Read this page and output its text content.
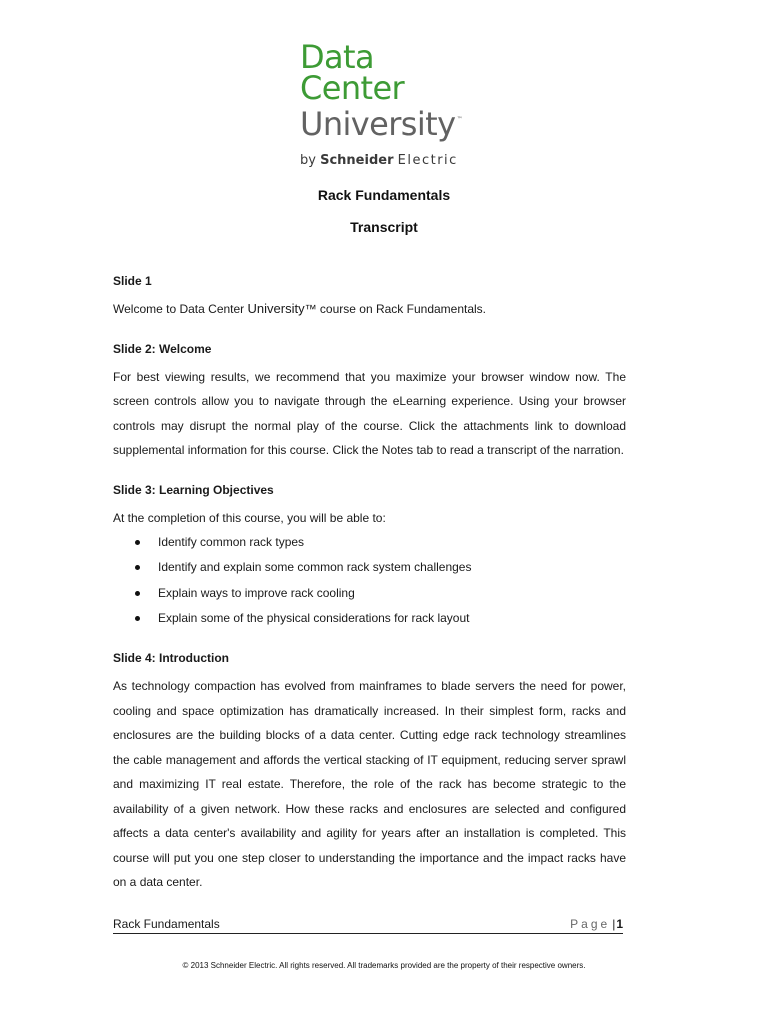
Data
Center
University™
by Schneider Electric
Rack Fundamentals
Transcript

Slide 1

Welcome to Data Center University™ course on Rack Fundamentals.

Slide 2: Welcome

For best viewing results, we recommend that you maximize your browser window now. The screen controls allow you to navigate through the eLearning experience. Using your browser controls may disrupt the normal play of the course. Click the attachments link to download supplemental information for this course. Click the Notes tab to read a transcript of the narration.

Slide 3: Learning Objectives

At the completion of this course, you will be able to:

Identify common rack types
Identify and explain some common rack system challenges
Explain ways to improve rack cooling
Explain some of the physical considerations for rack layout

Slide 4: Introduction

As technology compaction has evolved from mainframes to blade servers the need for power, cooling and space optimization has dramatically increased. In their simplest form, racks and enclosures are the building blocks of a data center. Cutting edge rack technology streamlines the cable management and affords the vertical stacking of IT equipment, reducing server sprawl and maximizing IT real estate. Therefore, the role of the rack has become strategic to the availability of a given network. How these racks and enclosures are selected and configured affects a data center's availability and agility for years after an installation is completed. This course will put you one step closer to understanding the importance and the impact racks have on a data center.

Rack Fundamentals	Page |1
© 2013 Schneider Electric. All rights reserved. All trademarks provided are the property of their respective owners.
